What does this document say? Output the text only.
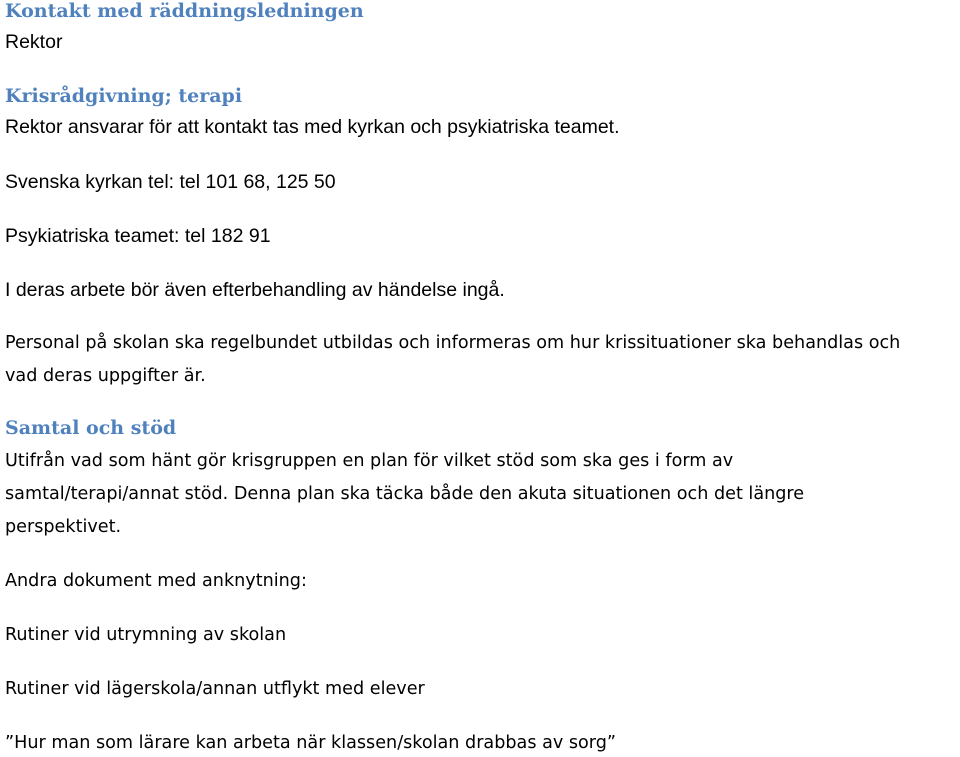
Kontakt med räddningsledningen
Rektor
Krisrådgivning; terapi
Rektor ansvarar för att kontakt tas med kyrkan och psykiatriska teamet.
Svenska kyrkan tel: tel 101 68, 125 50
Psykiatriska teamet: tel 182 91
I deras arbete bör även efterbehandling av händelse ingå.
Personal på skolan ska regelbundet utbildas och informeras om hur krissituationer ska behandlas och
vad deras uppgifter är.
Samtal och stöd
Utifrån vad som hänt gör krisgruppen en plan för vilket stöd som ska ges i form av
samtal/terapi/annat stöd. Denna plan ska täcka både den akuta situationen och det längre
perspektivet.
Andra dokument med anknytning:
Rutiner vid utrymning av skolan
Rutiner vid lägerskola/annan utflykt med elever
”Hur man som lärare kan arbeta när klassen/skolan drabbas av sorg”
